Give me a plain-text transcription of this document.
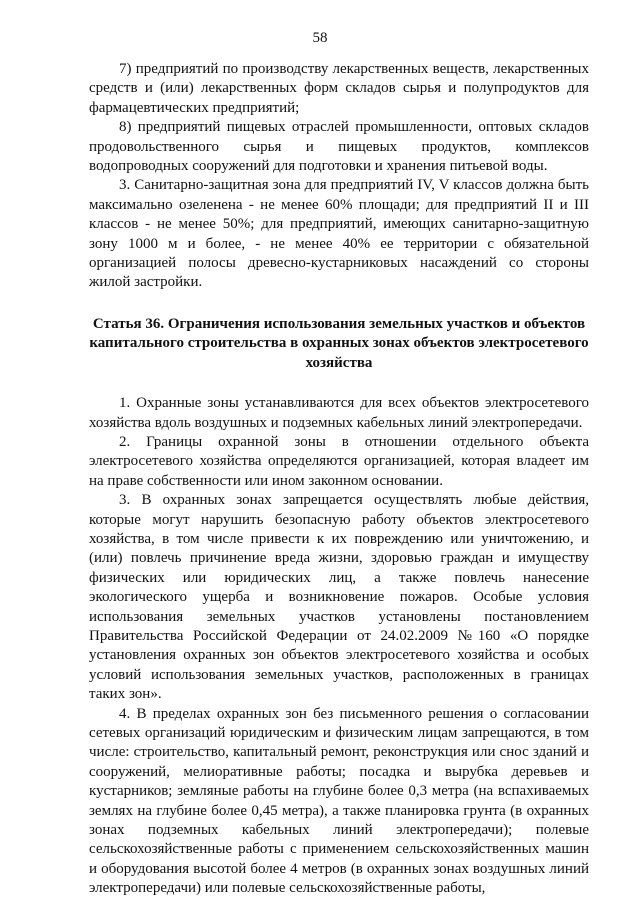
58

7) предприятий по производству лекарственных веществ, лекарственных средств и (или) лекарственных форм складов сырья и полупродуктов для фармацевтических предприятий;

8) предприятий пищевых отраслей промышленности, оптовых складов продовольственного сырья и пищевых продуктов, комплексов водопроводных сооружений для подготовки и хранения питьевой воды.

3. Санитарно-защитная зона для предприятий IV, V классов должна быть максимально озеленена - не менее 60% площади; для предприятий II и III классов - не менее 50%; для предприятий, имеющих санитарно-защитную зону 1000 м и более, - не менее 40% ее территории с обязательной организацией полосы древесно-кустарниковых насаждений со стороны жилой застройки.

Статья 36. Ограничения использования земельных участков и объектов капитального строительства в охранных зонах объектов электросетевого хозяйства

1. Охранные зоны устанавливаются для всех объектов электросетевого хозяйства вдоль воздушных и подземных кабельных линий электропередачи.

2. Границы охранной зоны в отношении отдельного объекта электросетевого хозяйства определяются организацией, которая владеет им на праве собственности или ином законном основании.

3. В охранных зонах запрещается осуществлять любые действия, которые могут нарушить безопасную работу объектов электросетевого хозяйства, в том числе привести к их повреждению или уничтожению, и (или) повлечь причинение вреда жизни, здоровью граждан и имуществу физических или юридических лиц, а также повлечь нанесение экологического ущерба и возникновение пожаров. Особые условия использования земельных участков установлены постановлением Правительства Российской Федерации от 24.02.2009 №160 «О порядке установления охранных зон объектов электросетевого хозяйства и особых условий использования земельных участков, расположенных в границах таких зон».

4. В пределах охранных зон без письменного решения о согласовании сетевых организаций юридическим и физическим лицам запрещаются, в том числе: строительство, капитальный ремонт, реконструкция или снос зданий и сооружений, мелиоративные работы; посадка и вырубка деревьев и кустарников; земляные работы на глубине более 0,3 метра (на вспахиваемых землях на глубине более 0,45 метра), а также планировка грунта (в охранных зонах подземных кабельных линий электропередачи); полевые сельскохозяйственные работы с применением сельскохозяйственных машин и оборудования высотой более 4 метров (в охранных зонах воздушных линий электропередачи) или полевые сельскохозяйственные работы,
